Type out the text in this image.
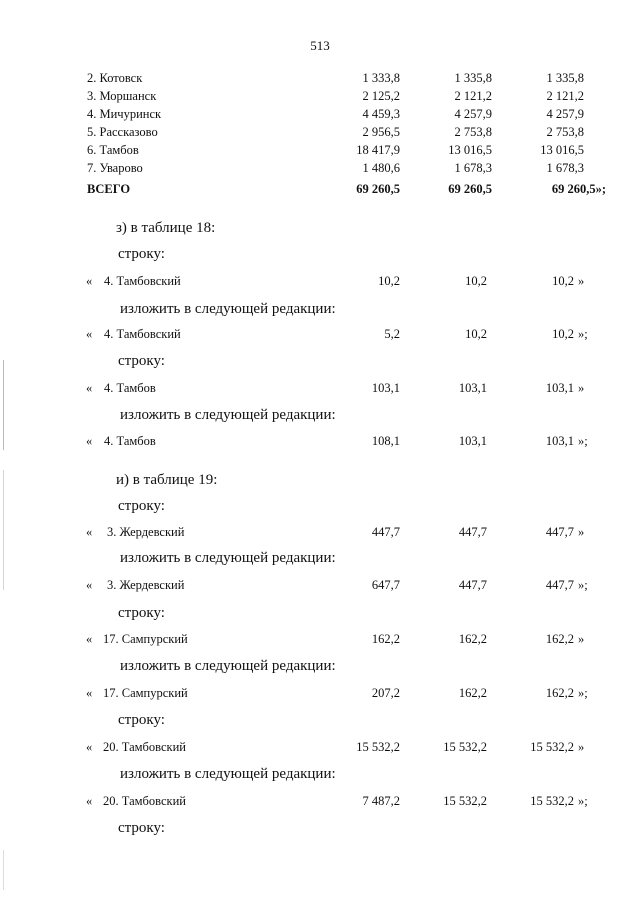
513
2. Котовск	1 333,8	1 335,8	1 335,8
3. Моршанск	2 125,2	2 121,2	2 121,2
4. Мичуринск	4 459,3	4 257,9	4 257,9
5. Рассказово	2 956,5	2 753,8	2 753,8
6. Тамбов	18 417,9	13 016,5	13 016,5
7. Уварово	1 480,6	1 678,3	1 678,3
ВСЕГО	69 260,5	69 260,5	69 260,5»;
з) в таблице 18:
строку:
« 4. Тамбовский	10,2	10,2	10,2 »
изложить в следующей редакции:
« 4. Тамбовский	5,2	10,2	10,2 »;
строку:
« 4. Тамбов	103,1	103,1	103,1 »
изложить в следующей редакции:
« 4. Тамбов	108,1	103,1	103,1 »;
и) в таблице 19:
строку:
« 3. Жердевский	447,7	447,7	447,7 »
изложить в следующей редакции:
« 3. Жердевский	647,7	447,7	447,7 »;
строку:
« 17. Сампурский	162,2	162,2	162,2 »
изложить в следующей редакции:
« 17. Сампурский	207,2	162,2	162,2 »;
строку:
« 20. Тамбовский	15 532,2	15 532,2	15 532,2 »
изложить в следующей редакции:
« 20. Тамбовский	7 487,2	15 532,2	15 532,2 »;
строку:
